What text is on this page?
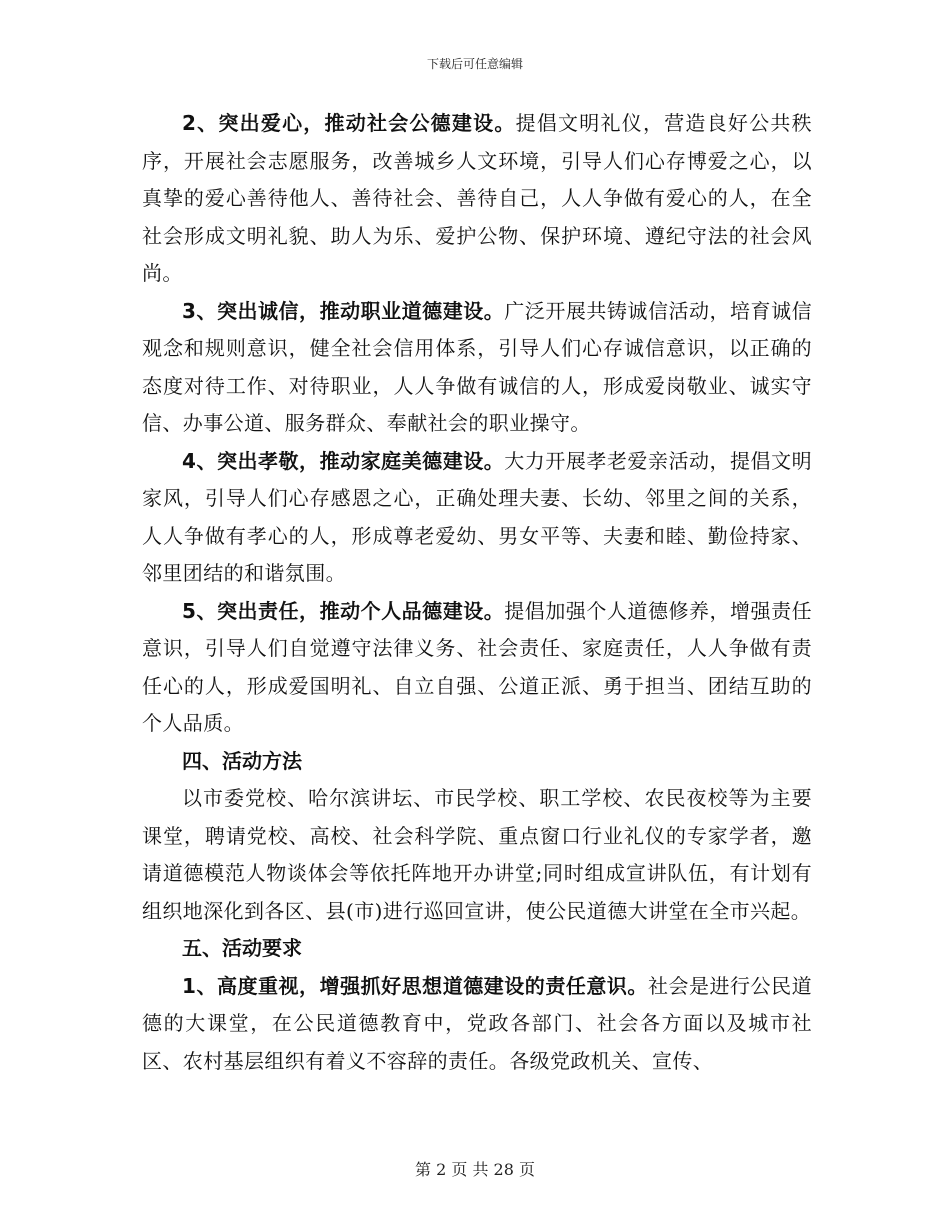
下载后可任意编辑

2、突出爱心，推动社会公德建设。提倡文明礼仪，营造良好公共秩序，开展社会志愿服务，改善城乡人文环境，引导人们心存博爱之心，以真挚的爱心善待他人、善待社会、善待自己，人人争做有爱心的人，在全社会形成文明礼貌、助人为乐、爱护公物、保护环境、遵纪守法的社会风尚。

3、突出诚信，推动职业道德建设。广泛开展共铸诚信活动，培育诚信观念和规则意识，健全社会信用体系，引导人们心存诚信意识，以正确的态度对待工作、对待职业，人人争做有诚信的人，形成爱岗敬业、诚实守信、办事公道、服务群众、奉献社会的职业操守。

4、突出孝敬，推动家庭美德建设。大力开展孝老爱亲活动，提倡文明家风，引导人们心存感恩之心，正确处理夫妻、长幼、邻里之间的关系，人人争做有孝心的人，形成尊老爱幼、男女平等、夫妻和睦、勤俭持家、邻里团结的和谐氛围。

5、突出责任，推动个人品德建设。提倡加强个人道德修养，增强责任意识，引导人们自觉遵守法律义务、社会责任、家庭责任，人人争做有责任心的人，形成爱国明礼、自立自强、公道正派、勇于担当、团结互助的个人品质。

四、活动方法

以市委党校、哈尔滨讲坛、市民学校、职工学校、农民夜校等为主要课堂，聘请党校、高校、社会科学院、重点窗口行业礼仪的专家学者，邀请道德模范人物谈体会等依托阵地开办讲堂;同时组成宣讲队伍，有计划有组织地深化到各区、县(市)进行巡回宣讲，使公民道德大讲堂在全市兴起。

五、活动要求

1、高度重视，增强抓好思想道德建设的责任意识。社会是进行公民道德的大课堂，在公民道德教育中，党政各部门、社会各方面以及城市社区、农村基层组织有着义不容辞的责任。各级党政机关、宣传、

第 2 页 共 28 页
